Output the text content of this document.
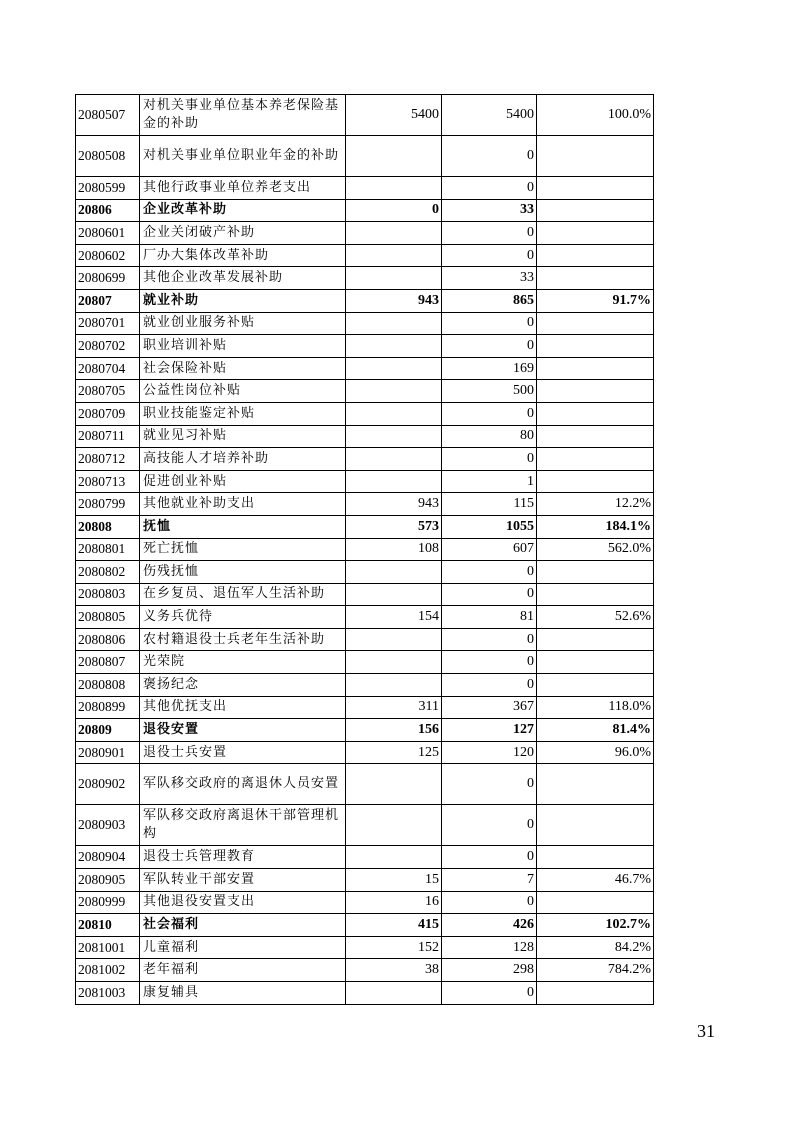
2080507	对机关事业单位基本养老保险基金的补助	5400	5400	100.0%
2080508	对机关事业单位职业年金的补助		0	
2080599	其他行政事业单位养老支出		0	
20806	企业改革补助	0	33	
2080601	企业关闭破产补助		0	
2080602	厂办大集体改革补助		0	
2080699	其他企业改革发展补助		33	
20807	就业补助	943	865	91.7%
2080701	就业创业服务补贴		0	
2080702	职业培训补贴		0	
2080704	社会保险补贴		169	
2080705	公益性岗位补贴		500	
2080709	职业技能鉴定补贴		0	
2080711	就业见习补贴		80	
2080712	高技能人才培养补助		0	
2080713	促进创业补贴		1	
2080799	其他就业补助支出	943	115	12.2%
20808	抚恤	573	1055	184.1%
2080801	死亡抚恤	108	607	562.0%
2080802	伤残抚恤		0	
2080803	在乡复员、退伍军人生活补助		0	
2080805	义务兵优待	154	81	52.6%
2080806	农村籍退役士兵老年生活补助		0	
2080807	光荣院		0	
2080808	褒扬纪念		0	
2080899	其他优抚支出	311	367	118.0%
20809	退役安置	156	127	81.4%
2080901	退役士兵安置	125	120	96.0%
2080902	军队移交政府的离退休人员安置		0	
2080903	军队移交政府离退休干部管理机构		0	
2080904	退役士兵管理教育		0	
2080905	军队转业干部安置	15	7	46.7%
2080999	其他退役安置支出	16	0	
20810	社会福利	415	426	102.7%
2081001	儿童福利	152	128	84.2%
2081002	老年福利	38	298	784.2%
2081003	康复辅具		0	
31
